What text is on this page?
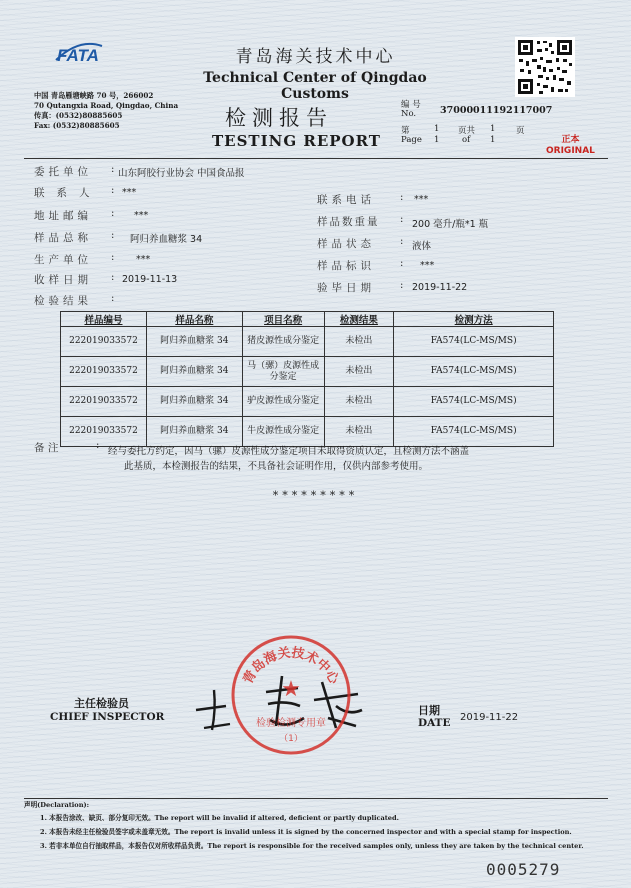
FATA	青岛海关技术中心
Technical Center of Qingdao Customs
中国 青岛雁塘峡路 70 号，266002
70 Qutangxia Road, Qingdao, China
传真：(0532)80885605
Fax: (0532)80885605	检测报告
TESTING REPORT
编 号
No.	37000011192117007
第
Page
1
1
页共
of
1
1
页
正本
ORIGINAL
委托单位 : 山东阿胶行业协会 中国食品报
联系人 : ***
联系电话	: ***
地址邮编 : ***
样品数重量 : 200 毫升/瓶*1 瓶
样品总称 : 阿归养血糖浆 34	样品状态	: 液体
生产单位 : ***
样品标识	: ***
收样日期 : 2019-11-13
验毕日期	: 2019-11-22
检验结果 :
样品编号	样品名称	项目名称	检测结果	检测方法
222019033572	阿归养血糖浆 34	猪皮源性成分鉴定	未检出	FA574(LC-MS/MS)
222019033572	阿归养血糖浆 34	马（骡）皮源性成分鉴定	未检出	FA574(LC-MS/MS)
222019033572	阿归养血糖浆 34	驴皮源性成分鉴定	未检出	FA574(LC-MS/MS)
222019033572	阿归养血糖浆 34	牛皮源性成分鉴定	未检出	FA574(LC-MS/MS)
备 注	:
经与委托方约定，因马（骡）皮源性成分鉴定项目未取得资质认定，且检测方法不涵盖
此基质，本检测报告的结果，不具备社会证明作用，仅供内部参考使用。
*********
主任检验员
CHIEF INSPECTOR
青岛海关技术中心
★
检验检测专用章
（1）
日期
DATE 2019-11-22
声明(Declaration):
1. 本报告涂改、缺页、部分复印无效。The report will be invalid if altered, deficient or partly duplicated.
2. 本报告未经主任检验员签字或未盖章无效。The report is invalid unless it is signed by the concerned inspector and with a special stamp for inspection.
3. 若非本单位自行抽取样品，本报告仅对所收样品负责。The report is responsible for the received samples only, unless they are taken by the technical center.
0005279
